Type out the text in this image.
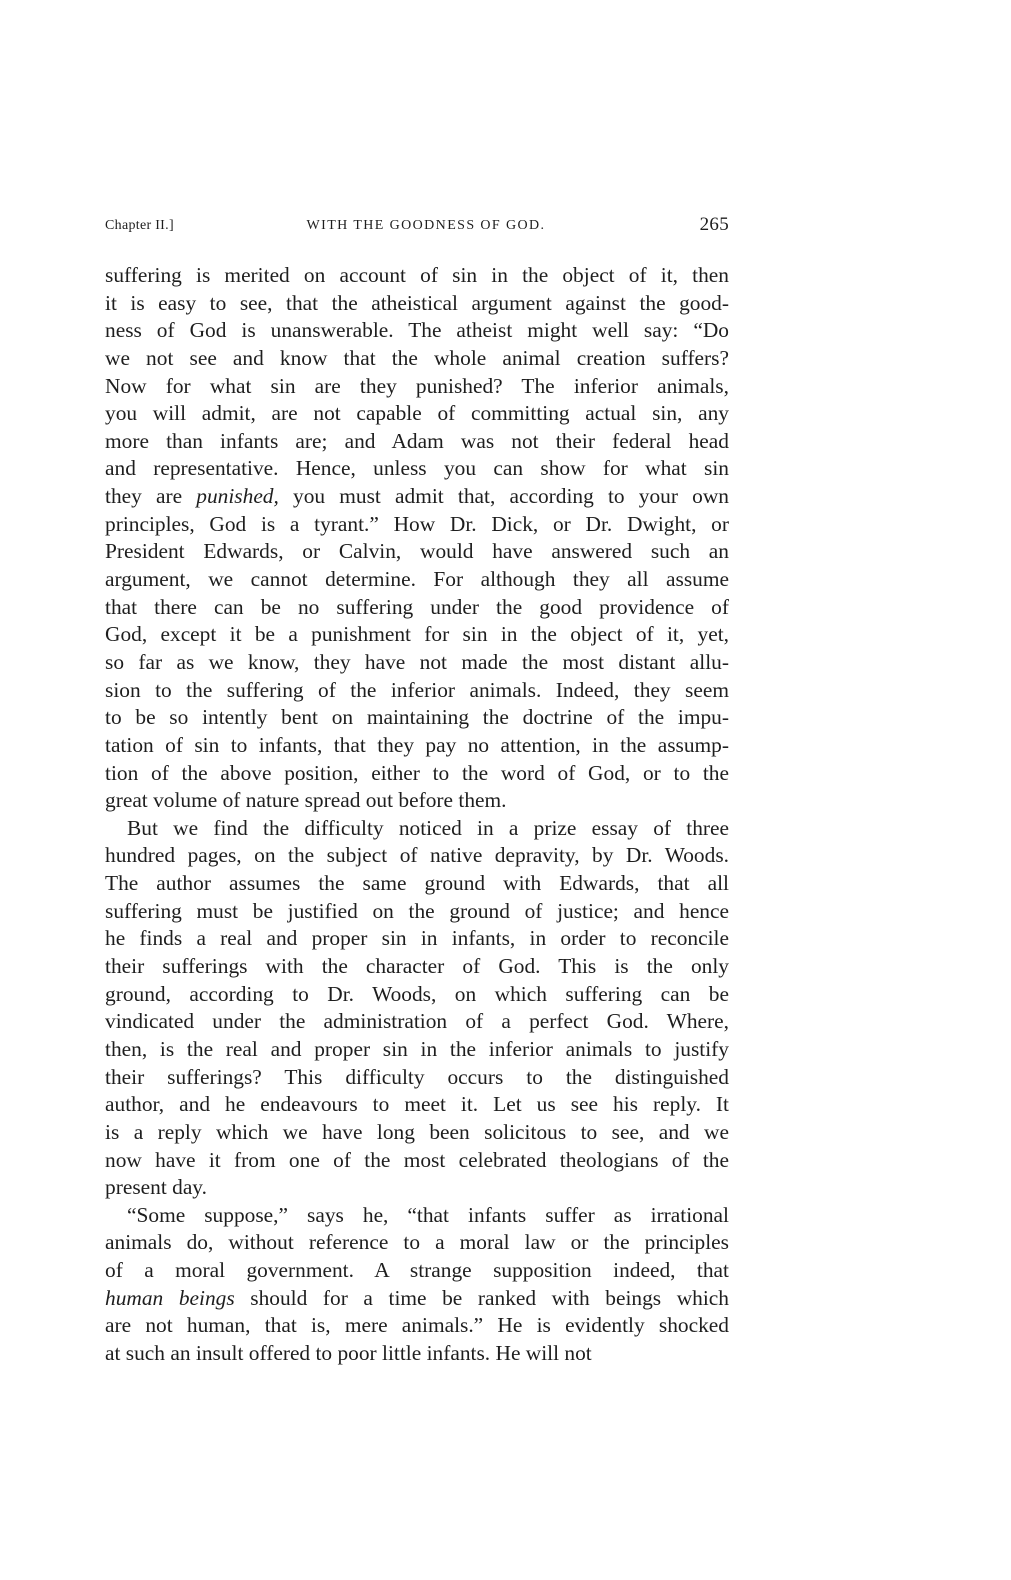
Chapter II.]	WITH THE GOODNESS OF GOD.	265
suffering is merited on account of sin in the object of it, then
it is easy to see, that the atheistical argument against the good-
ness of God is unanswerable. The atheist might well say: “Do
we not see and know that the whole animal creation suffers?
Now for what sin are they punished? The inferior animals,
you will admit, are not capable of committing actual sin, any
more than infants are; and Adam was not their federal head
and representative. Hence, unless you can show for what sin
they are punished, you must admit that, according to your own
principles, God is a tyrant.” How Dr. Dick, or Dr. Dwight, or
President Edwards, or Calvin, would have answered such an
argument, we cannot determine. For although they all assume
that there can be no suffering under the good providence of
God, except it be a punishment for sin in the object of it, yet,
so far as we know, they have not made the most distant allu-
sion to the suffering of the inferior animals. Indeed, they seem
to be so intently bent on maintaining the doctrine of the impu-
tation of sin to infants, that they pay no attention, in the assump-
tion of the above position, either to the word of God, or to the
great volume of nature spread out before them.
But we find the difficulty noticed in a prize essay of three
hundred pages, on the subject of native depravity, by Dr. Woods.
The author assumes the same ground with Edwards, that all
suffering must be justified on the ground of justice; and hence
he finds a real and proper sin in infants, in order to reconcile
their sufferings with the character of God. This is the only
ground, according to Dr. Woods, on which suffering can be
vindicated under the administration of a perfect God. Where,
then, is the real and proper sin in the inferior animals to justify
their sufferings? This difficulty occurs to the distinguished
author, and he endeavours to meet it. Let us see his reply. It
is a reply which we have long been solicitous to see, and we
now have it from one of the most celebrated theologians of the
present day.
“Some suppose,” says he, “that infants suffer as irrational
animals do, without reference to a moral law or the principles
of a moral government. A strange supposition indeed, that
human beings should for a time be ranked with beings which
are not human, that is, mere animals.” He is evidently shocked
at such an insult offered to poor little infants. He will not
